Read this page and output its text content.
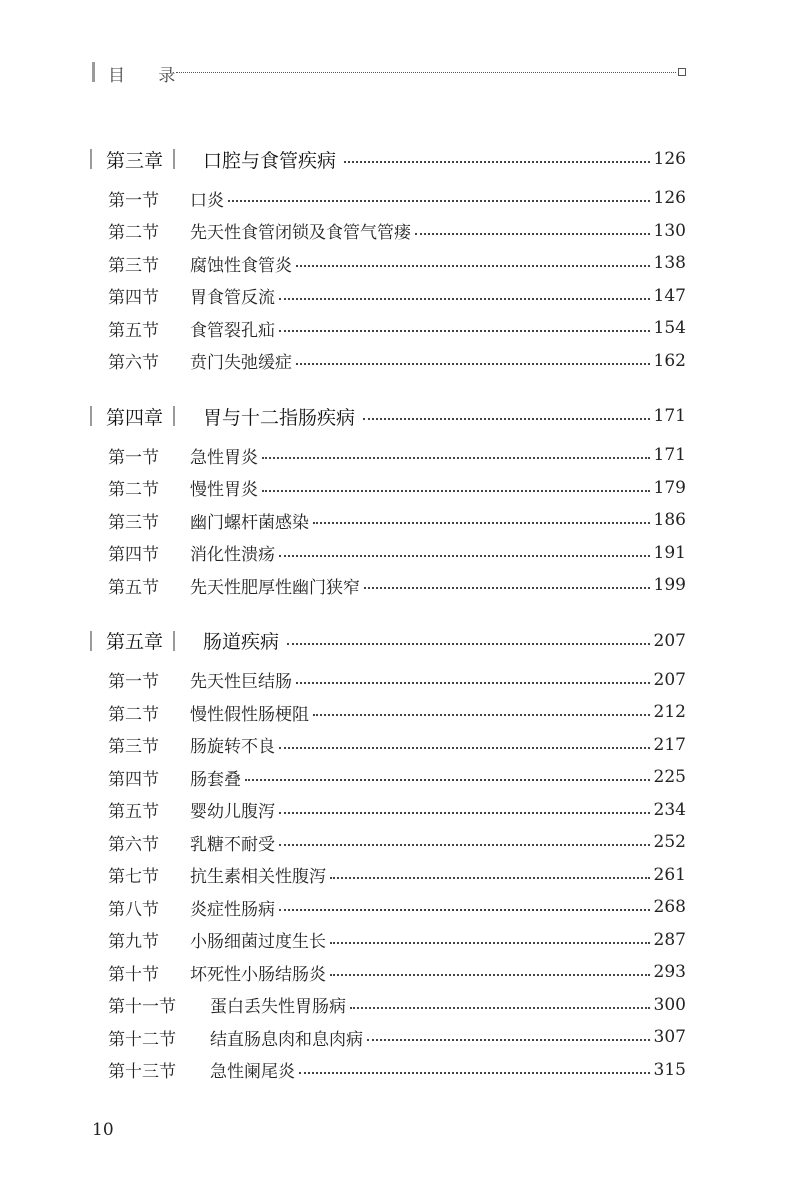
目 录
第三章 口腔与食管疾病	126
第一节	口炎	126
第二节	先天性食管闭锁及食管气管瘘	130
第三节	腐蚀性食管炎	138
第四节	胃食管反流	147
第五节	食管裂孔疝	154
第六节	贲门失弛缓症	162
第四章 胃与十二指肠疾病	171
第一节	急性胃炎	171
第二节	慢性胃炎	179
第三节	幽门螺杆菌感染	186
第四节	消化性溃疡	191
第五节	先天性肥厚性幽门狭窄	199
第五章 肠道疾病	207
第一节	先天性巨结肠	207
第二节	慢性假性肠梗阻	212
第三节	肠旋转不良	217
第四节	肠套叠	225
第五节	婴幼儿腹泻	234
第六节	乳糖不耐受	252
第七节	抗生素相关性腹泻	261
第八节	炎症性肠病	268
第九节	小肠细菌过度生长	287
第十节	坏死性小肠结肠炎	293
第十一节	蛋白丢失性胃肠病	300
第十二节	结直肠息肉和息肉病	307
第十三节	急性阑尾炎	315
10
